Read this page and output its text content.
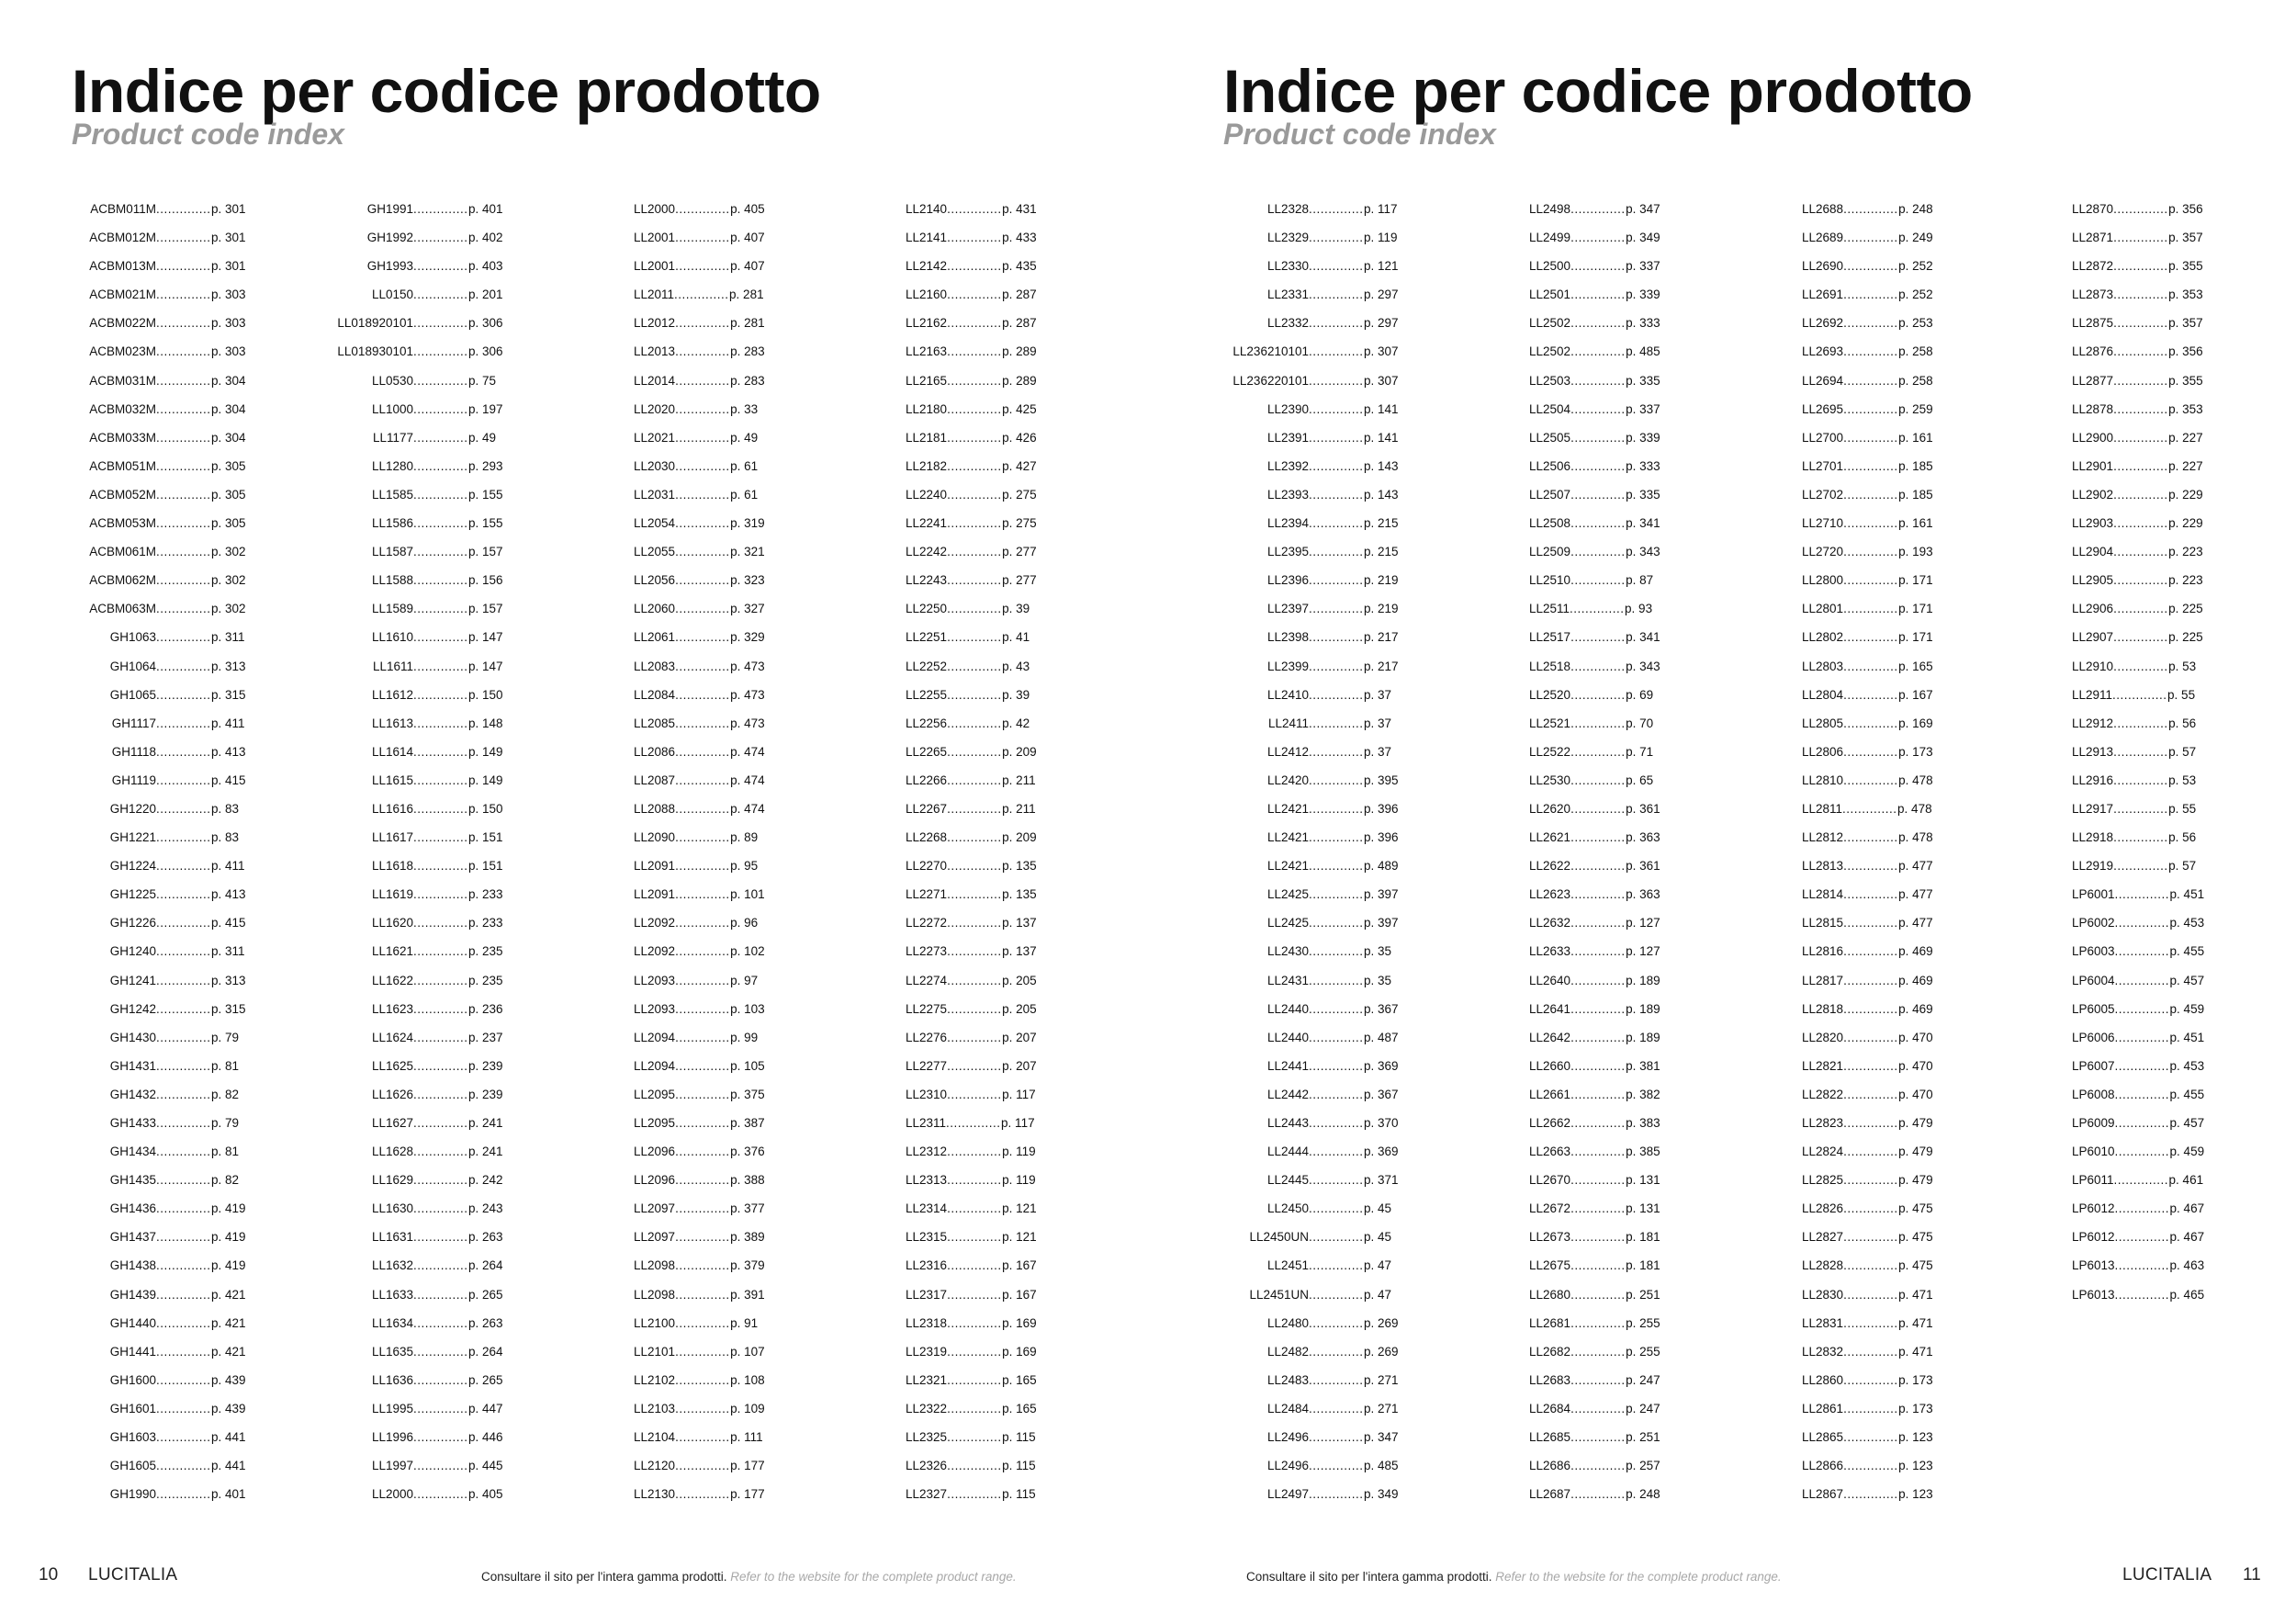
Indice per codice prodotto
Product code index
ACBM011M .............. p. 301
ACBM012M .............. p. 301
ACBM013M .............. p. 301
ACBM021M .............. p. 303
ACBM022M .............. p. 303
ACBM023M .............. p. 303
ACBM031M .............. p. 304
ACBM032M .............. p. 304
ACBM033M .............. p. 304
ACBM051M .............. p. 305
ACBM052M .............. p. 305
ACBM053M .............. p. 305
ACBM061M .............. p. 302
ACBM062M .............. p. 302
ACBM063M .............. p. 302
GH1063 .............. p. 311
GH1064 .............. p. 313
GH1065 .............. p. 315
GH1117 .............. p. 411
GH1118 .............. p. 413
GH1119 .............. p. 415
GH1220 .............. p. 83
GH1221 .............. p. 83
GH1224 .............. p. 411
GH1225 .............. p. 413
GH1226 .............. p. 415
GH1240 .............. p. 311
GH1241 .............. p. 313
GH1242 .............. p. 315
GH1430 .............. p. 79
GH1431 .............. p. 81
GH1432 .............. p. 82
GH1433 .............. p. 79
GH1434 .............. p. 81
GH1435 .............. p. 82
GH1436 .............. p. 419
GH1437 .............. p. 419
GH1438 .............. p. 419
GH1439 .............. p. 421
GH1440 .............. p. 421
GH1441 .............. p. 421
GH1600 .............. p. 439
GH1601 .............. p. 439
GH1603 .............. p. 441
GH1605 .............. p. 441
GH1990 .............. p. 401
GH1991 .............. p. 401
GH1992 .............. p. 402
GH1993 .............. p. 403
LL0150 .............. p. 201
LL018920101 .............. p. 306
LL018930101 .............. p. 306
LL0530 .............. p. 75
LL1000 .............. p. 197
LL1177 .............. p. 49
LL1280 .............. p. 293
LL1585 .............. p. 155
LL1586 .............. p. 155
LL1587 .............. p. 157
LL1588 .............. p. 156
LL1589 .............. p. 157
LL1610 .............. p. 147
LL1611 .............. p. 147
LL1612 .............. p. 150
LL1613 .............. p. 148
LL1614 .............. p. 149
LL1615 .............. p. 149
LL1616 .............. p. 150
LL1617 .............. p. 151
LL1618 .............. p. 151
LL1619 .............. p. 233
LL1620 .............. p. 233
LL1621 .............. p. 235
LL1622 .............. p. 235
LL1623 .............. p. 236
LL1624 .............. p. 237
LL1625 .............. p. 239
LL1626 .............. p. 239
LL1627 .............. p. 241
LL1628 .............. p. 241
LL1629 .............. p. 242
LL1630 .............. p. 243
LL1631 .............. p. 263
LL1632 .............. p. 264
LL1633 .............. p. 265
LL1634 .............. p. 263
LL1635 .............. p. 264
LL1636 .............. p. 265
LL1995 .............. p. 447
LL1996 .............. p. 446
LL1997 .............. p. 445
LL2000 .............. p. 405
LL2000 .............. p. 405
LL2001 .............. p. 407
LL2001 .............. p. 407
LL2011 .............. p. 281
LL2012 .............. p. 281
LL2013 .............. p. 283
LL2014 .............. p. 283
LL2020 .............. p. 33
LL2021 .............. p. 49
LL2030 .............. p. 61
LL2031 .............. p. 61
LL2054 .............. p. 319
LL2055 .............. p. 321
LL2056 .............. p. 323
LL2060 .............. p. 327
LL2061 .............. p. 329
LL2083 .............. p. 473
LL2084 .............. p. 473
LL2085 .............. p. 473
LL2086 .............. p. 474
LL2087 .............. p. 474
LL2088 .............. p. 474
LL2090 .............. p. 89
LL2091 .............. p. 95
LL2091 .............. p. 101
LL2092 .............. p. 96
LL2092 .............. p. 102
LL2093 .............. p. 97
LL2093 .............. p. 103
LL2094 .............. p. 99
LL2094 .............. p. 105
LL2095 .............. p. 375
LL2095 .............. p. 387
LL2096 .............. p. 376
LL2096 .............. p. 388
LL2097 .............. p. 377
LL2097 .............. p. 389
LL2098 .............. p. 379
LL2098 .............. p. 391
LL2100 .............. p. 91
LL2101 .............. p. 107
LL2102 .............. p. 108
LL2103 .............. p. 109
LL2104 .............. p. 111
LL2120 .............. p. 177
LL2130 .............. p. 177
LL2140 .............. p. 431
LL2141 .............. p. 433
LL2142 .............. p. 435
LL2160 .............. p. 287
LL2162 .............. p. 287
LL2163 .............. p. 289
LL2165 .............. p. 289
LL2180 .............. p. 425
LL2181 .............. p. 426
LL2182 .............. p. 427
LL2240 .............. p. 275
LL2241 .............. p. 275
LL2242 .............. p. 277
LL2243 .............. p. 277
LL2250 .............. p. 39
LL2251 .............. p. 41
LL2252 .............. p. 43
LL2255 .............. p. 39
LL2256 .............. p. 42
LL2265 .............. p. 209
LL2266 .............. p. 211
LL2267 .............. p. 211
LL2268 .............. p. 209
LL2270 .............. p. 135
LL2271 .............. p. 135
LL2272 .............. p. 137
LL2273 .............. p. 137
LL2274 .............. p. 205
LL2275 .............. p. 205
LL2276 .............. p. 207
LL2277 .............. p. 207
LL2310 .............. p. 117
LL2311 .............. p. 117
LL2312 .............. p. 119
LL2313 .............. p. 119
LL2314 .............. p. 121
LL2315 .............. p. 121
LL2316 .............. p. 167
LL2317 .............. p. 167
LL2318 .............. p. 169
LL2319 .............. p. 169
LL2321 .............. p. 165
LL2322 .............. p. 165
LL2325 .............. p. 115
LL2326 .............. p. 115
LL2327 .............. p. 115
10 LUCITALIA	Consultare il sito per l'intera gamma prodotti. Refer to the website for the complete product range.
Indice per codice prodotto
Product code index
LL2328 .............. p. 117
LL2329 .............. p. 119
LL2330 .............. p. 121
LL2331 .............. p. 297
LL2332 .............. p. 297
LL236210101 .............. p. 307
LL236220101 .............. p. 307
LL2390 .............. p. 141
LL2391 .............. p. 141
LL2392 .............. p. 143
LL2393 .............. p. 143
LL2394 .............. p. 215
LL2395 .............. p. 215
LL2396 .............. p. 219
LL2397 .............. p. 219
LL2398 .............. p. 217
LL2399 .............. p. 217
LL2410 .............. p. 37
LL2411 .............. p. 37
LL2412 .............. p. 37
LL2420 .............. p. 395
LL2421 .............. p. 396
LL2421 .............. p. 396
LL2421 .............. p. 489
LL2425 .............. p. 397
LL2425 .............. p. 397
LL2430 .............. p. 35
LL2431 .............. p. 35
LL2440 .............. p. 367
LL2440 .............. p. 487
LL2441 .............. p. 369
LL2442 .............. p. 367
LL2443 .............. p. 370
LL2444 .............. p. 369
LL2445 .............. p. 371
LL2450 .............. p. 45
LL2450UN .............. p. 45
LL2451 .............. p. 47
LL2451UN .............. p. 47
LL2480 .............. p. 269
LL2482 .............. p. 269
LL2483 .............. p. 271
LL2484 .............. p. 271
LL2496 .............. p. 347
LL2496 .............. p. 485
LL2497 .............. p. 349
LL2498 .............. p. 347
LL2499 .............. p. 349
LL2500 .............. p. 337
LL2501 .............. p. 339
LL2502 .............. p. 333
LL2502 .............. p. 485
LL2503 .............. p. 335
LL2504 .............. p. 337
LL2505 .............. p. 339
LL2506 .............. p. 333
LL2507 .............. p. 335
LL2508 .............. p. 341
LL2509 .............. p. 343
LL2510 .............. p. 87
LL2511 .............. p. 93
LL2517 .............. p. 341
LL2518 .............. p. 343
LL2520 .............. p. 69
LL2521 .............. p. 70
LL2522 .............. p. 71
LL2530 .............. p. 65
LL2620 .............. p. 361
LL2621 .............. p. 363
LL2622 .............. p. 361
LL2623 .............. p. 363
LL2632 .............. p. 127
LL2633 .............. p. 127
LL2640 .............. p. 189
LL2641 .............. p. 189
LL2642 .............. p. 189
LL2660 .............. p. 381
LL2661 .............. p. 382
LL2662 .............. p. 383
LL2663 .............. p. 385
LL2670 .............. p. 131
LL2672 .............. p. 131
LL2673 .............. p. 181
LL2675 .............. p. 181
LL2680 .............. p. 251
LL2681 .............. p. 255
LL2682 .............. p. 255
LL2683 .............. p. 247
LL2684 .............. p. 247
LL2685 .............. p. 251
LL2686 .............. p. 257
LL2687 .............. p. 248
LL2688 .............. p. 248
LL2689 .............. p. 249
LL2690 .............. p. 252
LL2691 .............. p. 252
LL2692 .............. p. 253
LL2693 .............. p. 258
LL2694 .............. p. 258
LL2695 .............. p. 259
LL2700 .............. p. 161
LL2701 .............. p. 185
LL2702 .............. p. 185
LL2710 .............. p. 161
LL2720 .............. p. 193
LL2800 .............. p. 171
LL2801 .............. p. 171
LL2802 .............. p. 171
LL2803 .............. p. 165
LL2804 .............. p. 167
LL2805 .............. p. 169
LL2806 .............. p. 173
LL2810 .............. p. 478
LL2811 .............. p. 478
LL2812 .............. p. 478
LL2813 .............. p. 477
LL2814 .............. p. 477
LL2815 .............. p. 477
LL2816 .............. p. 469
LL2817 .............. p. 469
LL2818 .............. p. 469
LL2820 .............. p. 470
LL2821 .............. p. 470
LL2822 .............. p. 470
LL2823 .............. p. 479
LL2824 .............. p. 479
LL2825 .............. p. 479
LL2826 .............. p. 475
LL2827 .............. p. 475
LL2828 .............. p. 475
LL2830 .............. p. 471
LL2831 .............. p. 471
LL2832 .............. p. 471
LL2860 .............. p. 173
LL2861 .............. p. 173
LL2865 .............. p. 123
LL2866 .............. p. 123
LL2867 .............. p. 123
LL2870 .............. p. 356
LL2871 .............. p. 357
LL2872 .............. p. 355
LL2873 .............. p. 353
LL2875 .............. p. 357
LL2876 .............. p. 356
LL2877 .............. p. 355
LL2878 .............. p. 353
LL2900 .............. p. 227
LL2901 .............. p. 227
LL2902 .............. p. 229
LL2903 .............. p. 229
LL2904 .............. p. 223
LL2905 .............. p. 223
LL2906 .............. p. 225
LL2907 .............. p. 225
LL2910 .............. p. 53
LL2911 .............. p. 55
LL2912 .............. p. 56
LL2913 .............. p. 57
LL2916 .............. p. 53
LL2917 .............. p. 55
LL2918 .............. p. 56
LL2919 .............. p. 57
LP6001 .............. p. 451
LP6002 .............. p. 453
LP6003 .............. p. 455
LP6004 .............. p. 457
LP6005 .............. p. 459
LP6006 .............. p. 451
LP6007 .............. p. 453
LP6008 .............. p. 455
LP6009 .............. p. 457
LP6010 .............. p. 459
LP6011 .............. p. 461
LP6012 .............. p. 467
LP6012 .............. p. 467
LP6013 .............. p. 463
LP6013 .............. p. 465
Consultare il sito per l'intera gamma prodotti. Refer to the website for the complete product range.	LUCITALIA 11
